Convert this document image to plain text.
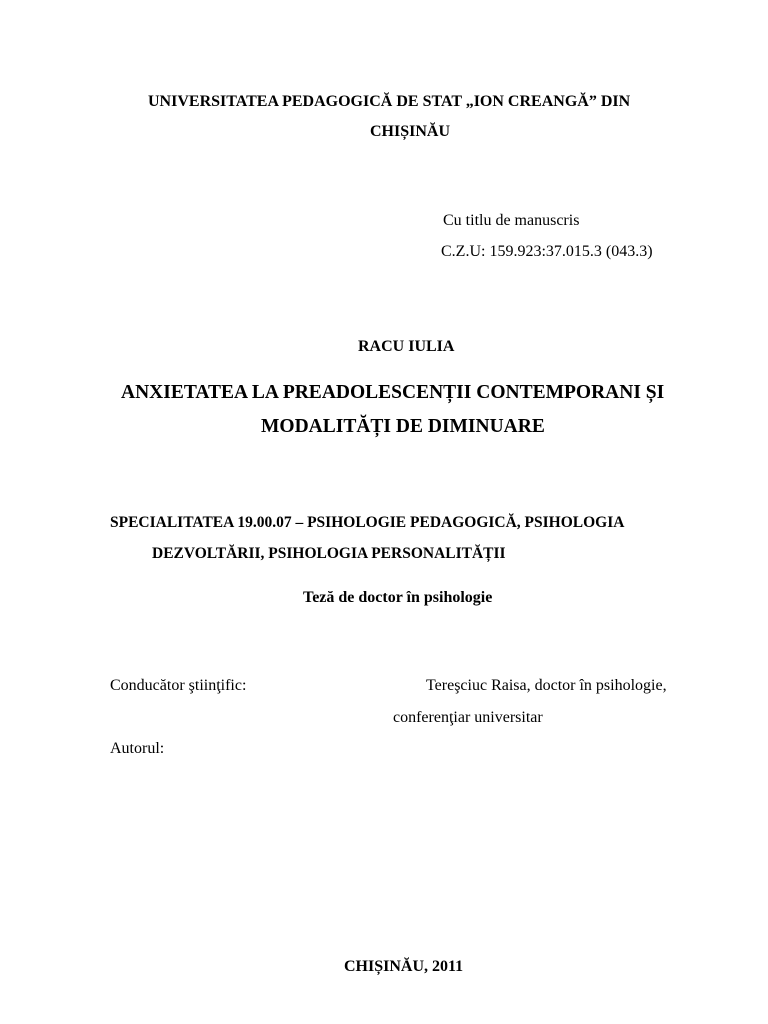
UNIVERSITATEA PEDAGOGICĂ DE STAT „ION CREANGĂ” DIN
CHIȘINĂU
Cu titlu de manuscris
C.Z.U: 159.923:37.015.3 (043.3)
RACU IULIA
ANXIETATEA LA PREADOLESCENȚII CONTEMPORANI ȘI
MODALITĂȚI DE DIMINUARE
SPECIALITATEA 19.00.07 – PSIHOLOGIE PEDAGOGICĂ, PSIHOLOGIA
DEZVOLTĂRII, PSIHOLOGIA PERSONALITĂȚII
Teză de doctor în psihologie
Conducător ştiinţific:	Tereşciuc Raisa, doctor în psihologie,
conferenţiar universitar
Autorul:
CHIȘINĂU, 2011
